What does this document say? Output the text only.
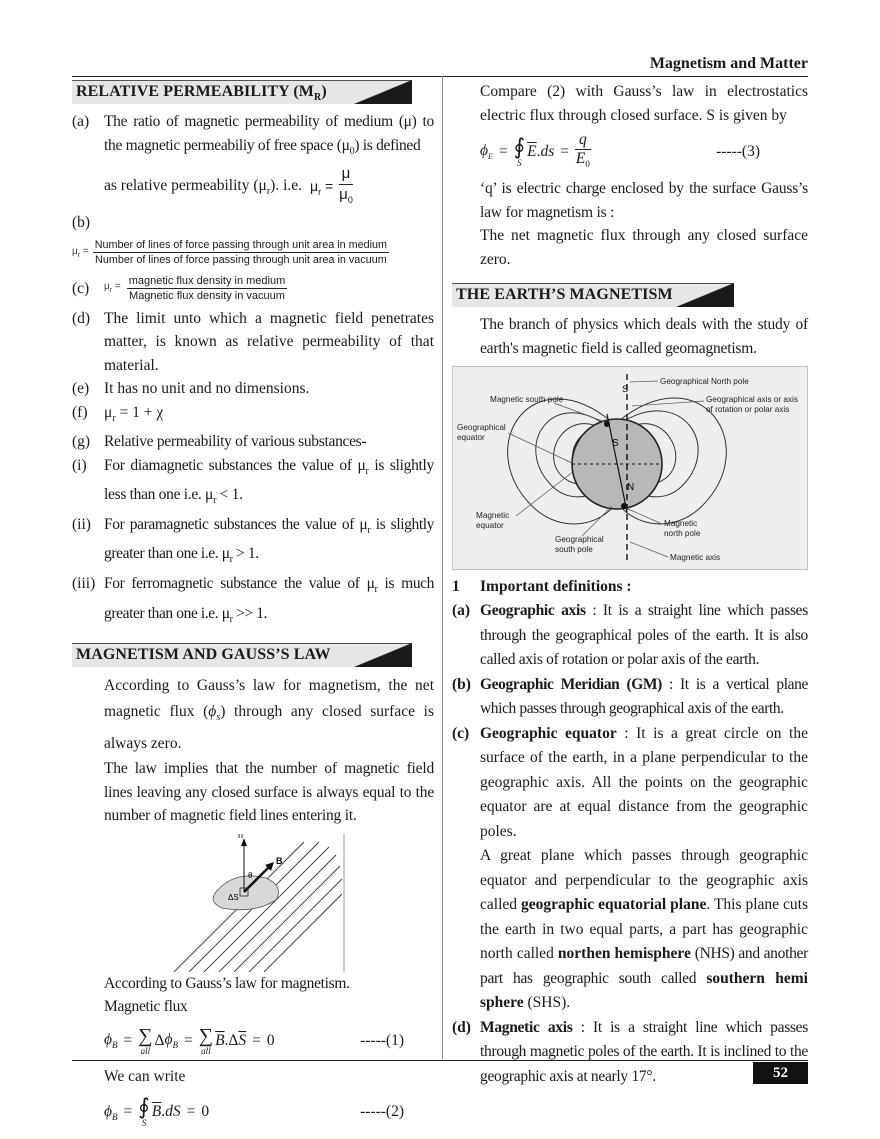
Magnetism and Matter
RELATIVE PERMEABILITY $(M_R)$
(a) The ratio of magnetic permeability of medium (μ) to the magnetic permeabiliy of free space $(\mu_0)$ is defined
as relative permeability $(\mu_r)$. i.e. $\mu_r = \frac{\mu}{\mu_0}$
(b)
$\mu_r = \frac{\text{Number of lines of force passing through unit area in medium}}{\text{Number of lines of force passing through unit area in vacuum}}$
(c)	$\mu_r = \frac{\text{magnetic flux density in medium}}{\text{Magnetic flux density in vacuum}}$
(d) The limit unto which a magnetic field penetrates matter, is known as relative permeability of that material.
(e) It has no unit and no dimensions.
(f)	$\mu_r = 1 + \chi$
(g) Relative permeability of various substances-
(i)	For diamagnetic substances the value of $\mu_r$ is slightly less than one i.e. $\mu_r < 1$.
(ii) For paramagnetic substances the value of $\mu_r$ is slightly greater than one i.e. $\mu_r > 1$.
(iii) For ferromagnetic substance the value of $\mu_r$ is much greater than one i.e. $\mu_r >> 1$.
MAGNETISM AND GAUSS’S LAW
According to Gauss’s law for magnetism, the net magnetic flux $(\phi_s)$ through any closed surface is always zero.
The law implies that the number of magnetic field lines leaving any closed surface is always equal to the number of magnetic field lines entering it.
n̂
B
θ
ΔS
According to Gauss’s law for magnetism.
Magnetic flux
$\phi_B$ = ∑
all
Δ $\phi_B$ = ∑
all
$\overline{B}$ .Δ $\overline{S} = 0$	-----(1)
We can write
$\phi_B$ = ∮
S
$\overline{B}$ . dS = 0	-----(2)
Compare (2) with Gauss’s law in electrostatics electric flux through closed surface. S is given by
$\phi_E$ = ∮
S
$\overline{E}$ . ds = $\frac{q}{E_0}$	-----(3)
‘q’ is electric charge enclosed by the surface Gauss’s law for magnetism is :
The net magnetic flux through any closed surface zero.
THE EARTH’S MAGNETISM
The branch of physics which deals with the study of earth's magnetic field is called geomagnetism.
S
N
S
Geographical North pole
Magnetic south pole	Geographical axis or axis
of rotation or polar axis
Geographical
equator
Magnetic
equator	Magnetic
north pole
Geographical
south pole
Magnetic axis
1	Important definitions :
(a) Geographic axis : It is a straight line which passes through the geographical poles of the earth. It is also called axis of rotation or polar axis of the earth.
(b) Geographic Meridian (GM) : It is a vertical plane which passes through geographical axis of the earth.
(c) Geographic equator : It is a great circle on the surface of the earth, in a plane perpendicular to the geographic axis. All the points on the geographic equator are at equal distance from the geographic poles.
A great plane which passes through geographic equator and perpendicular to the geographic axis called geographic equatorial plane. This plane cuts the earth in two equal parts, a part has geographic north called northen hemisphere (NHS) and another part has geographic south called southern hemi sphere (SHS).
(d) Magnetic axis : It is a straight line which passes through magnetic poles of the earth. It is inclined to the geographic axis at nearly 17°.	52
